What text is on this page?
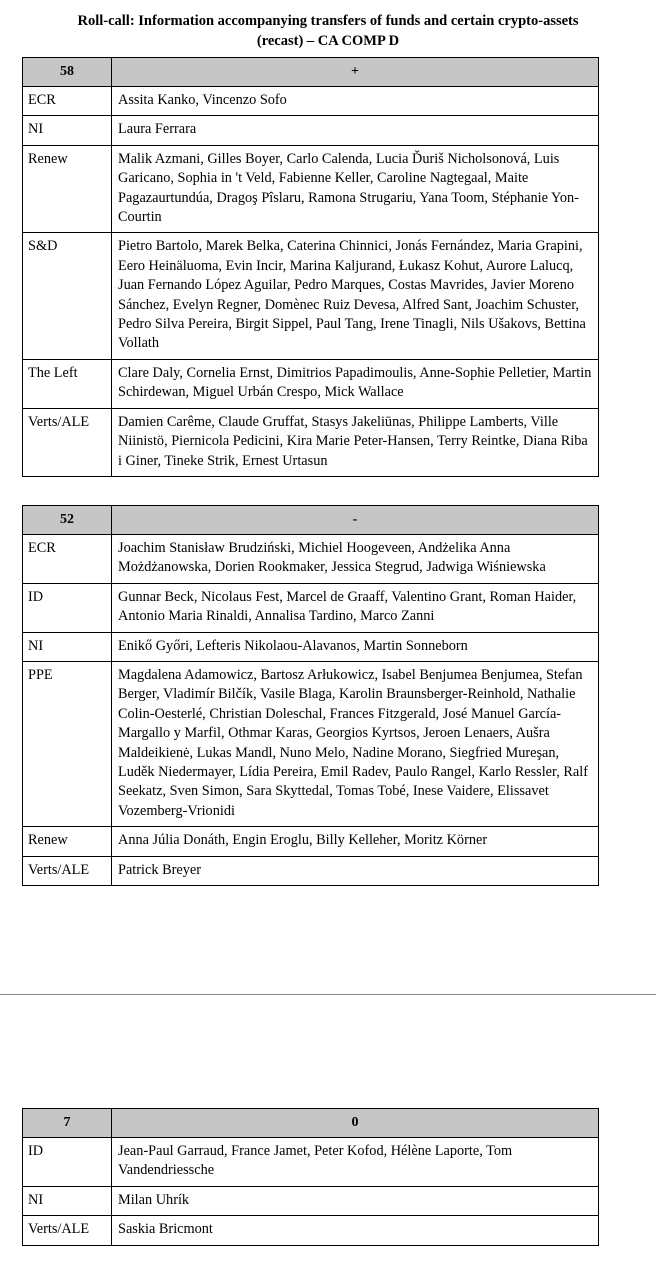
Roll-call: Information accompanying transfers of funds and certain crypto-assets
(recast) – CA COMP D
58	+
ECR	Assita Kanko, Vincenzo Sofo
NI	Laura Ferrara
Renew	Malik Azmani, Gilles Boyer, Carlo Calenda, Lucia Ďuriš Nicholsonová, Luis Garicano, Sophia in 't Veld, Fabienne Keller, Caroline Nagtegaal, Maite Pagazaurtundúa, Dragoş Pîslaru, Ramona Strugariu, Yana Toom, Stéphanie Yon-Courtin
S&D	Pietro Bartolo, Marek Belka, Caterina Chinnici, Jonás Fernández, Maria Grapini, Eero Heinäluoma, Evin Incir, Marina Kaljurand, Łukasz Kohut, Aurore Lalucq, Juan Fernando López Aguilar, Pedro Marques, Costas Mavrides, Javier Moreno Sánchez, Evelyn Regner, Domènec Ruiz Devesa, Alfred Sant, Joachim Schuster, Pedro Silva Pereira, Birgit Sippel, Paul Tang, Irene Tinagli, Nils Ušakovs, Bettina Vollath
The Left	Clare Daly, Cornelia Ernst, Dimitrios Papadimoulis, Anne-Sophie Pelletier, Martin Schirdewan, Miguel Urbán Crespo, Mick Wallace
Verts/ALE	Damien Carême, Claude Gruffat, Stasys Jakeliūnas, Philippe Lamberts, Ville Niinistö, Piernicola Pedicini, Kira Marie Peter-Hansen, Terry Reintke, Diana Riba i Giner, Tineke Strik, Ernest Urtasun
52	-
ECR	Joachim Stanisław Brudziński, Michiel Hoogeveen, Andżelika Anna Możdżanowska, Dorien Rookmaker, Jessica Stegrud, Jadwiga Wiśniewska
ID	Gunnar Beck, Nicolaus Fest, Marcel de Graaff, Valentino Grant, Roman Haider, Antonio Maria Rinaldi, Annalisa Tardino, Marco Zanni
NI	Enikő Győri, Lefteris Nikolaou-Alavanos, Martin Sonneborn
PPE	Magdalena Adamowicz, Bartosz Arłukowicz, Isabel Benjumea Benjumea, Stefan Berger, Vladimír Bilčík, Vasile Blaga, Karolin Braunsberger-Reinhold, Nathalie Colin-Oesterlé, Christian Doleschal, Frances Fitzgerald, José Manuel García-Margallo y Marfil, Othmar Karas, Georgios Kyrtsos, Jeroen Lenaers, Aušra Maldeikienė, Lukas Mandl, Nuno Melo, Nadine Morano, Siegfried Mureşan, Luděk Niedermayer, Lídia Pereira, Emil Radev, Paulo Rangel, Karlo Ressler, Ralf Seekatz, Sven Simon, Sara Skyttedal, Tomas Tobé, Inese Vaidere, Elissavet Vozemberg-Vrionidi
Renew	Anna Júlia Donáth, Engin Eroglu, Billy Kelleher, Moritz Körner
Verts/ALE	Patrick Breyer
7	0
ID	Jean-Paul Garraud, France Jamet, Peter Kofod, Hélène Laporte, Tom Vandendriessche
NI	Milan Uhrík
Verts/ALE	Saskia Bricmont
